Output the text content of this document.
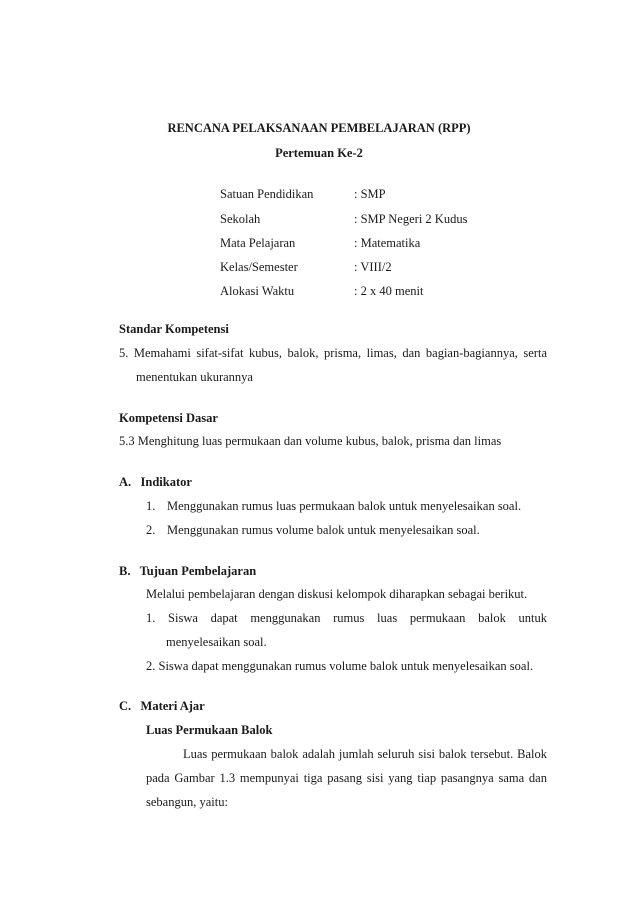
RENCANA PELAKSANAAN PEMBELAJARAN (RPP)
Pertemuan Ke-2
Satuan Pendidikan	: SMP
Sekolah	: SMP Negeri 2 Kudus
Mata Pelajaran	: Matematika
Kelas/Semester	: VIII/2
Alokasi Waktu	: 2 x 40 menit
Standar Kompetensi
5. Memahami sifat-sifat kubus, balok, prisma, limas, dan bagian-bagiannya, serta
menentukan ukurannya
Kompetensi Dasar
5.3 Menghitung luas permukaan dan volume kubus, balok, prisma dan limas
A.   Indikator
1. Menggunakan rumus luas permukaan balok untuk menyelesaikan soal.
2. Menggunakan rumus volume balok untuk menyelesaikan soal.
B.   Tujuan Pembelajaran
Melalui pembelajaran dengan diskusi kelompok diharapkan sebagai berikut.
1. Siswa dapat menggunakan rumus luas permukaan balok untuk
menyelesaikan soal.
2. Siswa dapat menggunakan rumus volume balok untuk menyelesaikan soal.
C.   Materi Ajar
Luas Permukaan Balok
Luas permukaan balok adalah jumlah seluruh sisi balok tersebut. Balok
pada Gambar 1.3 mempunyai tiga pasang sisi yang tiap pasangnya sama dan
sebangun, yaitu:
